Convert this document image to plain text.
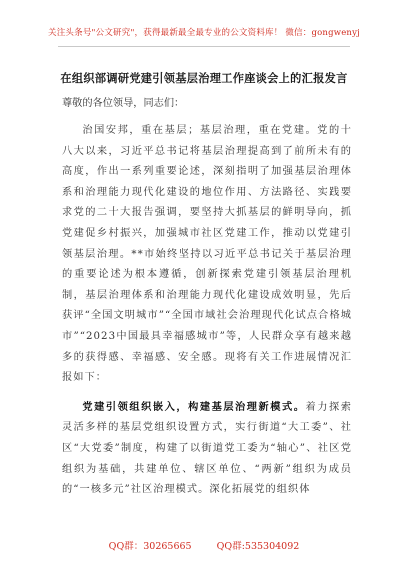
关注头条号"公文研究"，获得最新最全最专业的公文资料库！ 微信：gongwenyj
在组织部调研党建引领基层治理工作座谈会上的汇报发言
尊敬的各位领导，同志们：

治国安邦，重在基层；基层治理，重在党建。党的十八大以来，习近平总书记将基层治理提高到了前所未有的高度，作出一系列重要论述，深刻指明了加强基层治理体系和治理能力现代化建设的地位作用、方法路径、实践要求党的二十大报告强调，要坚持大抓基层的鲜明导向，抓党建促乡村振兴，加强城市社区党建工作，推动以党建引领基层治理。**市始终坚持以习近平总书记关于基层治理的重要论述为根本遵循，创新探索党建引领基层治理机制，基层治理体系和治理能力现代化建设成效明显，先后获评“全国文明城市”“全国市域社会治理现代化试点合格城市”“2023中国最具幸福感城市”等，人民群众享有越来越多的获得感、幸福感、安全感。现将有关工作进展情况汇报如下：

党建引领组织嵌入，构建基层治理新模式。着力探索灵活多样的基层党组织设置方式，实行街道“大工委”、社区“大党委”制度，构建了以街道党工委为“轴心”、社区党组织为基础，共建单位、辖区单位、“两新”组织为成员的“一核多元”社区治理模式。深化拓展党的组织体

QQ群：30265665	QQ群:535304092
